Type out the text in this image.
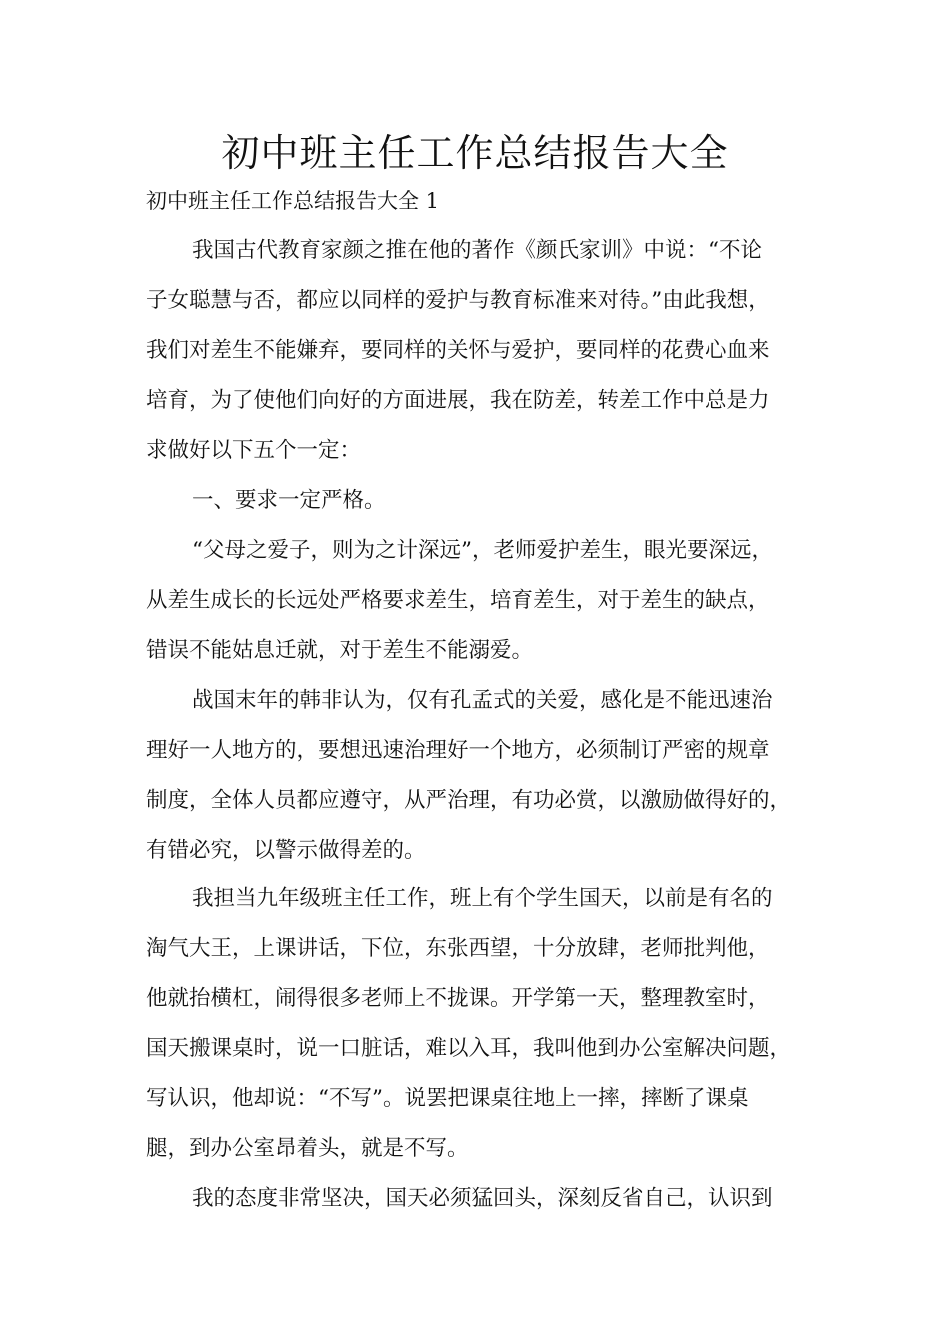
初中班主任工作总结报告大全

初中班主任工作总结报告大全 1

我国古代教育家颜之推在他的著作《颜氏家训》中说：“不论

子女聪慧与否，都应以同样的爱护与教育标准来对待。”由此我想，

我们对差生不能嫌弃，要同样的关怀与爱护，要同样的花费心血来

培育，为了使他们向好的方面进展，我在防差，转差工作中总是力

求做好以下五个一定：

一、要求一定严格。

“父母之爱子，则为之计深远”，老师爱护差生，眼光要深远，

从差生成长的长远处严格要求差生，培育差生，对于差生的缺点，

错误不能姑息迁就，对于差生不能溺爱。

战国末年的韩非认为，仅有孔孟式的关爱，感化是不能迅速治

理好一人地方的，要想迅速治理好一个地方，必须制订严密的规章

制度，全体人员都应遵守，从严治理，有功必赏，以激励做得好的，

有错必究，以警示做得差的。

我担当九年级班主任工作，班上有个学生国天，以前是有名的

淘气大王，上课讲话，下位，东张西望，十分放肆，老师批判他，

他就抬横杠，闹得很多老师上不拢课。开学第一天，整理教室时，

国天搬课桌时，说一口脏话，难以入耳，我叫他到办公室解决问题，

写认识，他却说：“不写”。说罢把课桌往地上一摔，摔断了课桌

腿，到办公室昂着头，就是不写。

我的态度非常坚决，国天必须猛回头，深刻反省自己，认识到
